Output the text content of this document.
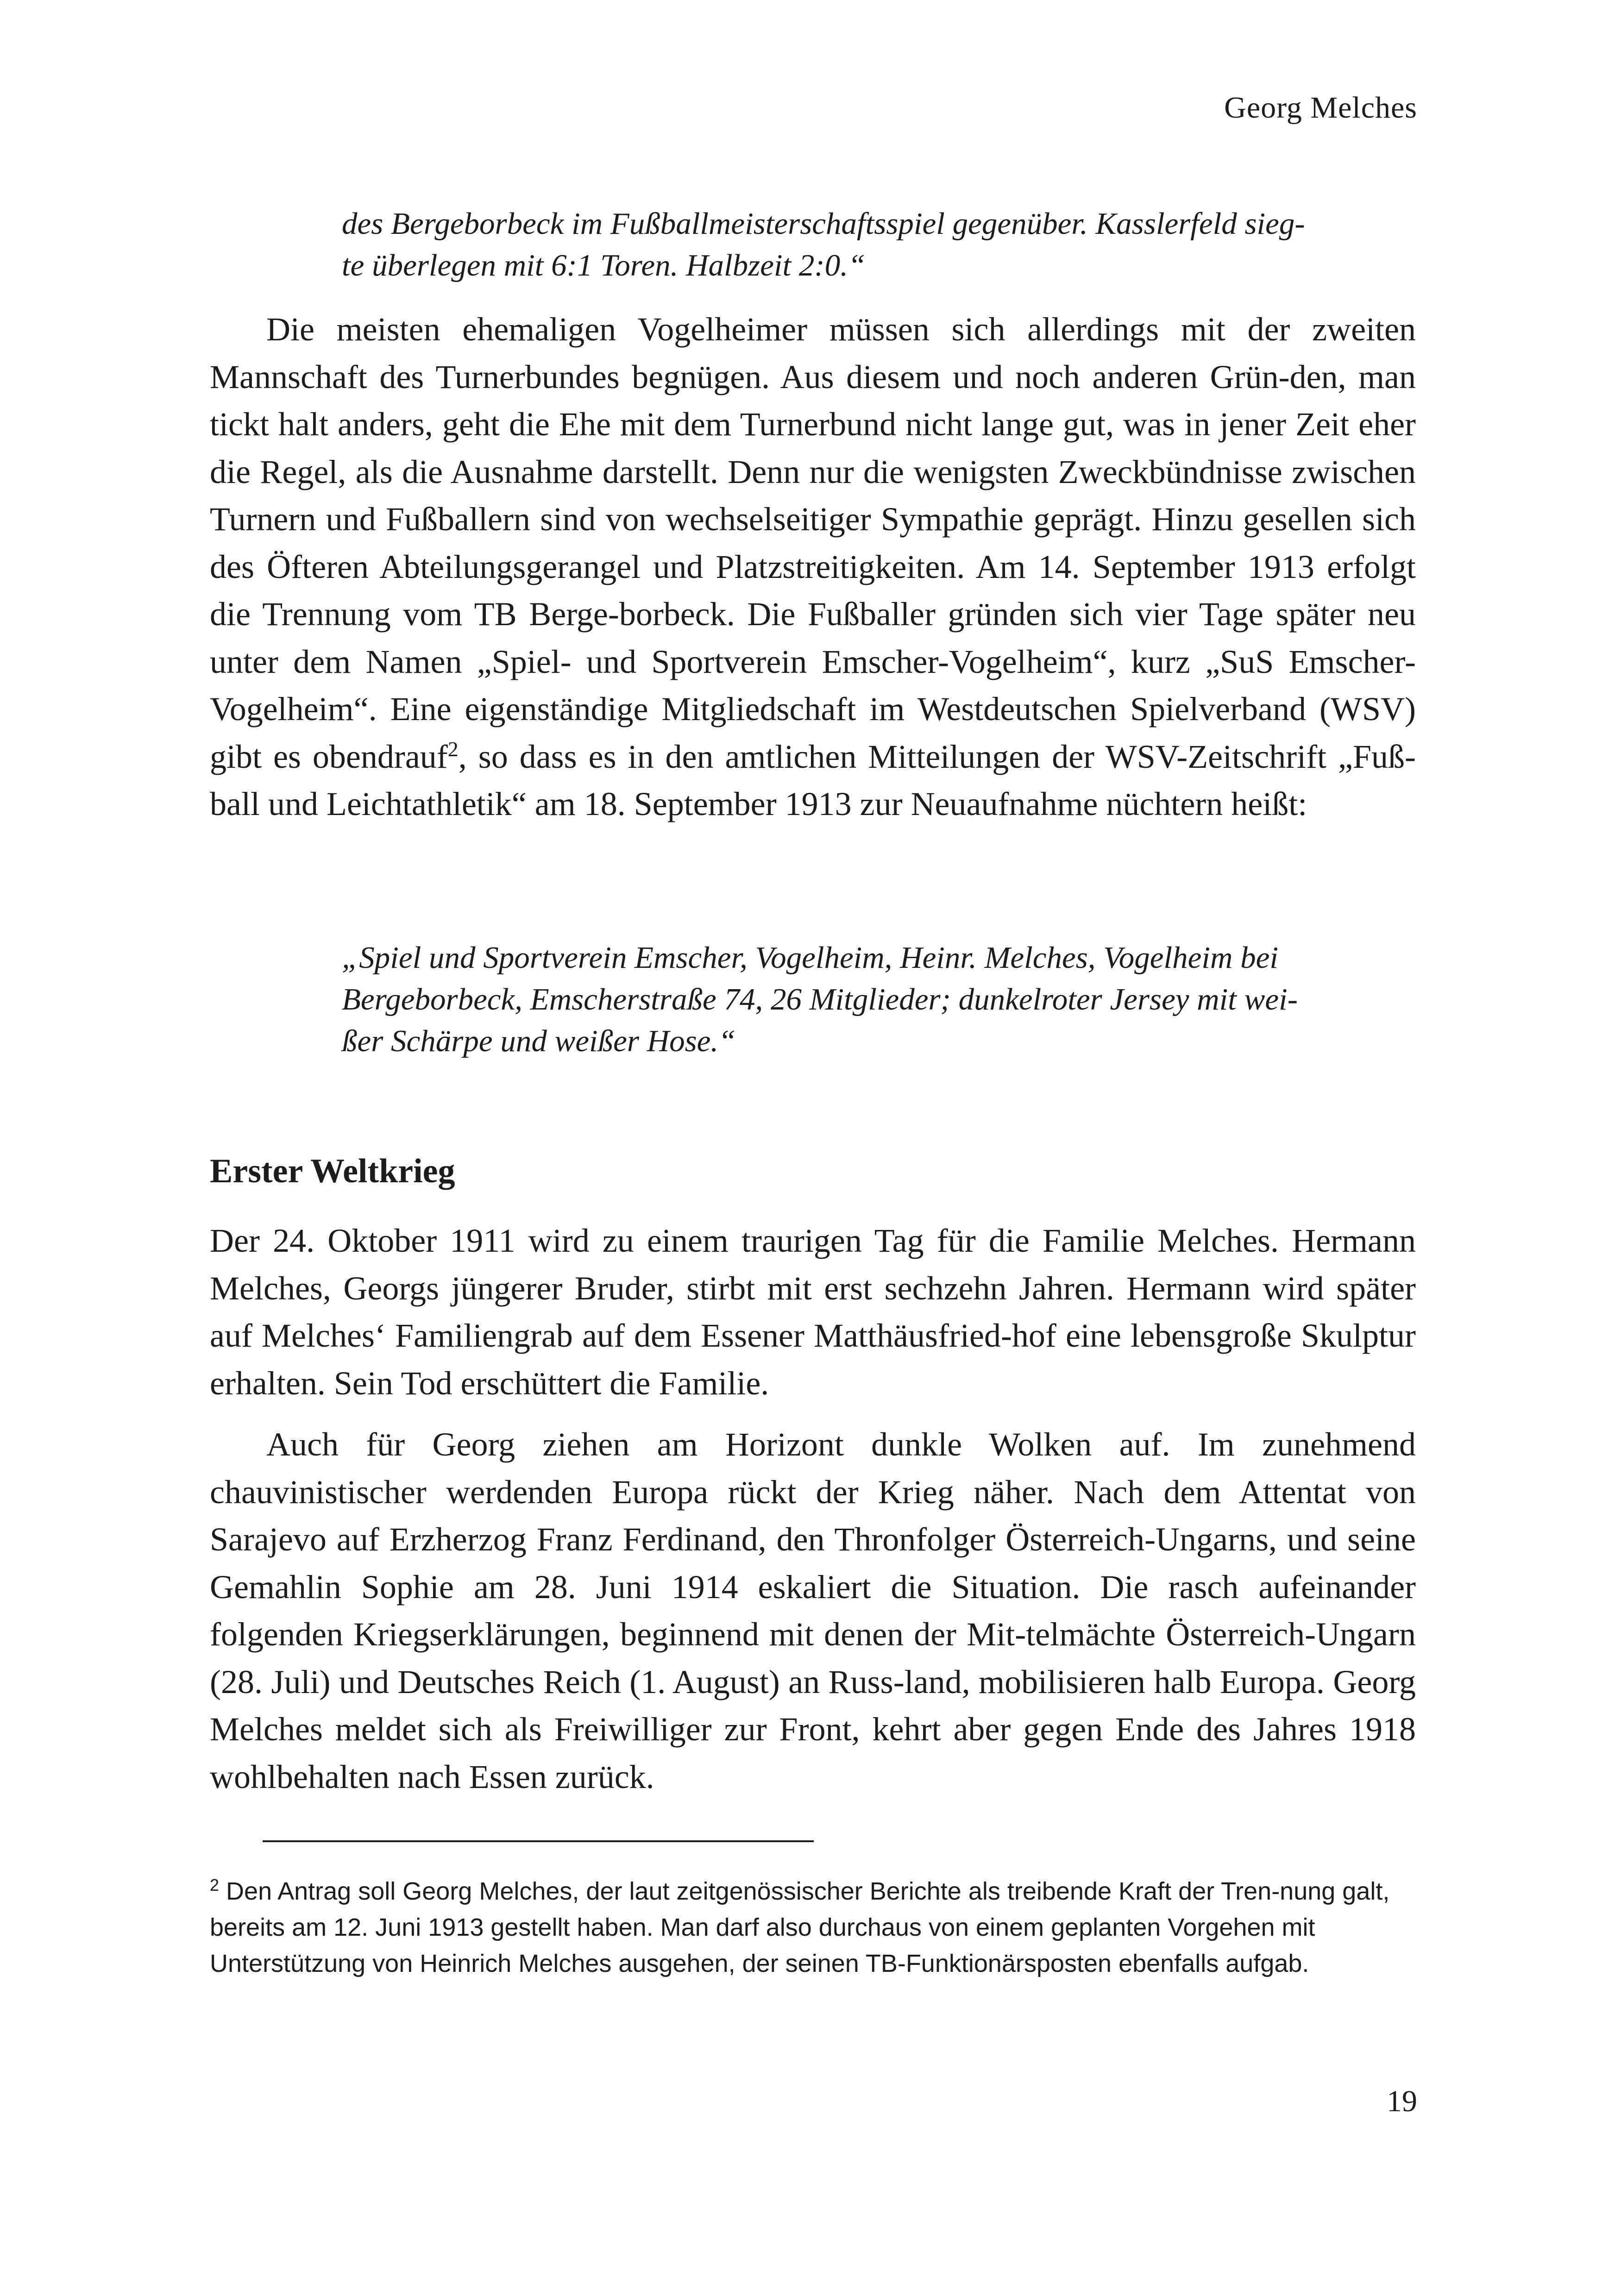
Georg Melches
des Bergeborbeck im Fußballmeisterschaftsspiel gegenüber. Kasslerfeld sieg-
te überlegen mit 6:1 Toren. Halbzeit 2:0.“

Die meisten ehemaligen Vogelheimer müssen sich allerdings mit der zweiten Mannschaft des Turnerbundes begnügen. Aus diesem und noch anderen Grün-den, man tickt halt anders, geht die Ehe mit dem Turnerbund nicht lange gut, was in jener Zeit eher die Regel, als die Ausnahme darstellt. Denn nur die wenigsten Zweckbündnisse zwischen Turnern und Fußballern sind von wechselseitiger Sympathie geprägt. Hinzu gesellen sich des Öfteren Abteilungsgerangel und Platzstreitigkeiten. Am 14. September 1913 erfolgt die Trennung vom TB Berge-borbeck. Die Fußballer gründen sich vier Tage später neu unter dem Namen „Spiel- und Sportverein Emscher-Vogelheim“, kurz „SuS Emscher-Vogelheim“. Eine eigenständige Mitgliedschaft im Westdeutschen Spielverband (WSV) gibt es obendrauf$^2$, so dass es in den amtlichen Mitteilungen der WSV-Zeitschrift „Fuß-ball und Leichtathletik“ am 18. September 1913 zur Neuaufnahme nüchtern heißt:

„Spiel und Sportverein Emscher, Vogelheim, Heinr. Melches, Vogelheim bei
Bergeborbeck, Emscherstraße 74, 26 Mitglieder; dunkelroter Jersey mit wei-
ßer Schärpe und weißer Hose.“
Erster Weltkrieg

Der 24. Oktober 1911 wird zu einem traurigen Tag für die Familie Melches. Hermann Melches, Georgs jüngerer Bruder, stirbt mit erst sechzehn Jahren. Hermann wird später auf Melches‘ Familiengrab auf dem Essener Matthäusfried-hof eine lebensgroße Skulptur erhalten. Sein Tod erschüttert die Familie.

Auch für Georg ziehen am Horizont dunkle Wolken auf. Im zunehmend chauvinistischer werdenden Europa rückt der Krieg näher. Nach dem Attentat von Sarajevo auf Erzherzog Franz Ferdinand, den Thronfolger Österreich-Ungarns, und seine Gemahlin Sophie am 28. Juni 1914 eskaliert die Situation. Die rasch aufeinander folgenden Kriegserklärungen, beginnend mit denen der Mit-telmächte Österreich-Ungarn (28. Juli) und Deutsches Reich (1. August) an Russ-land, mobilisieren halb Europa. Georg Melches meldet sich als Freiwilliger zur Front, kehrt aber gegen Ende des Jahres 1918 wohlbehalten nach Essen zurück.

$^2$ Den Antrag soll Georg Melches, der laut zeitgenössischer Berichte als treibende Kraft der Tren-nung galt, bereits am 12. Juni 1913 gestellt haben. Man darf also durchaus von einem geplanten Vorgehen mit Unterstützung von Heinrich Melches ausgehen, der seinen TB-Funktionärsposten ebenfalls aufgab.

19
